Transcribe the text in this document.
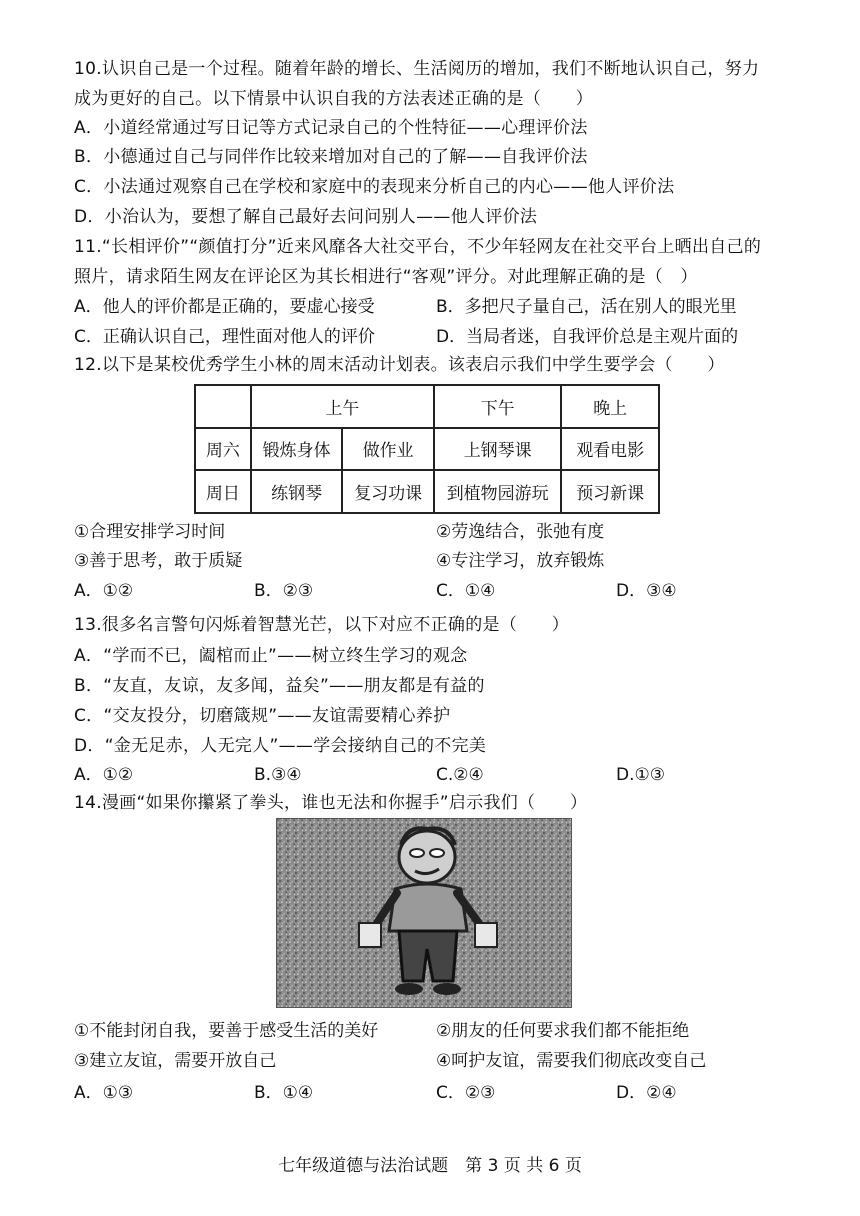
10.认识自己是一个过程。随着年龄的增长、生活阅历的增加，我们不断地认识自己，努力
成为更好的自己。以下情景中认识自我的方法表述正确的是（　　）
A．小道经常通过写日记等方式记录自己的个性特征——心理评价法
B．小德通过自己与同伴作比较来增加对自己的了解——自我评价法
C．小法通过观察自己在学校和家庭中的表现来分析自己的内心——他人评价法
D．小治认为，要想了解自己最好去问问别人——他人评价法
11.“长相评价”“颜值打分”近来风靡各大社交平台，不少年轻网友在社交平台上晒出自己的
照片，请求陌生网友在评论区为其长相进行“客观”评分。对此理解正确的是（　）
A．他人的评价都是正确的，要虚心接受	B．多把尺子量自己，活在别人的眼光里
C．正确认识自己，理性面对他人的评价	D．当局者迷，自我评价总是主观片面的
12.以下是某校优秀学生小林的周末活动计划表。该表启示我们中学生要学会（　　）
	上午		下午	晚上
周六	锻炼身体	做作业	上钢琴课	观看电影
周日	练钢琴	复习功课	到植物园游玩	预习新课
①合理安排学习时间	②劳逸结合，张弛有度
③善于思考，敢于质疑	④专注学习，放弃锻炼
A．①②	B．②③	C．①④	D．③④
13.很多名言警句闪烁着智慧光芒，以下对应不正确的是（　　）
A．“学而不已，阖棺而止”——树立终生学习的观念
B．“友直，友谅，友多闻，益矣”——朋友都是有益的
C．“交友投分，切磨箴规”——友谊需要精心养护
D．“金无足赤，人无完人”——学会接纳自己的不完美
A．①②	B.③④	C.②④	D.①③
14.漫画“如果你攥紧了拳头，谁也无法和你握手”启示我们（　　）
①不能封闭自我，要善于感受生活的美好	②朋友的任何要求我们都不能拒绝
③建立友谊，需要开放自己	④呵护友谊，需要我们彻底改变自己
A．①③	B．①④	C．②③	D．②④
七年级道德与法治试题　第 3 页 共 6 页
